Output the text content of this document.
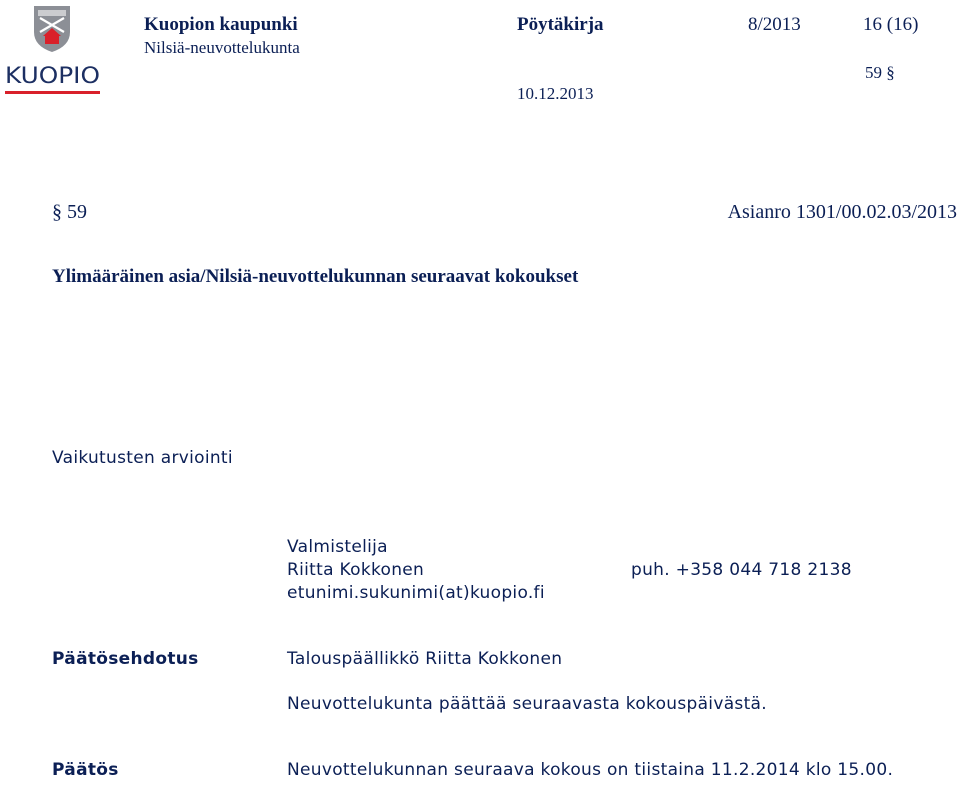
KUOPIO
Kuopion kaupunki
Nilsiä-neuvottelukunta
Pöytäkirja	8/2013	16 (16)
59 §
10.12.2013
§ 59	Asianro 1301/00.02.03/2013
Ylimääräinen asia/Nilsiä-neuvottelukunnan seuraavat kokoukset
Vaikutusten arviointi
Valmistelija
Riitta Kokkonen	puh. +358 044 718 2138
etunimi.sukunimi(at)kuopio.fi
Päätösehdotus	Talouspäällikkö Riitta Kokkonen
Neuvottelukunta päättää seuraavasta kokouspäivästä.
Päätös	Neuvottelukunnan seuraava kokous on tiistaina 11.2.2014 klo 15.00.
